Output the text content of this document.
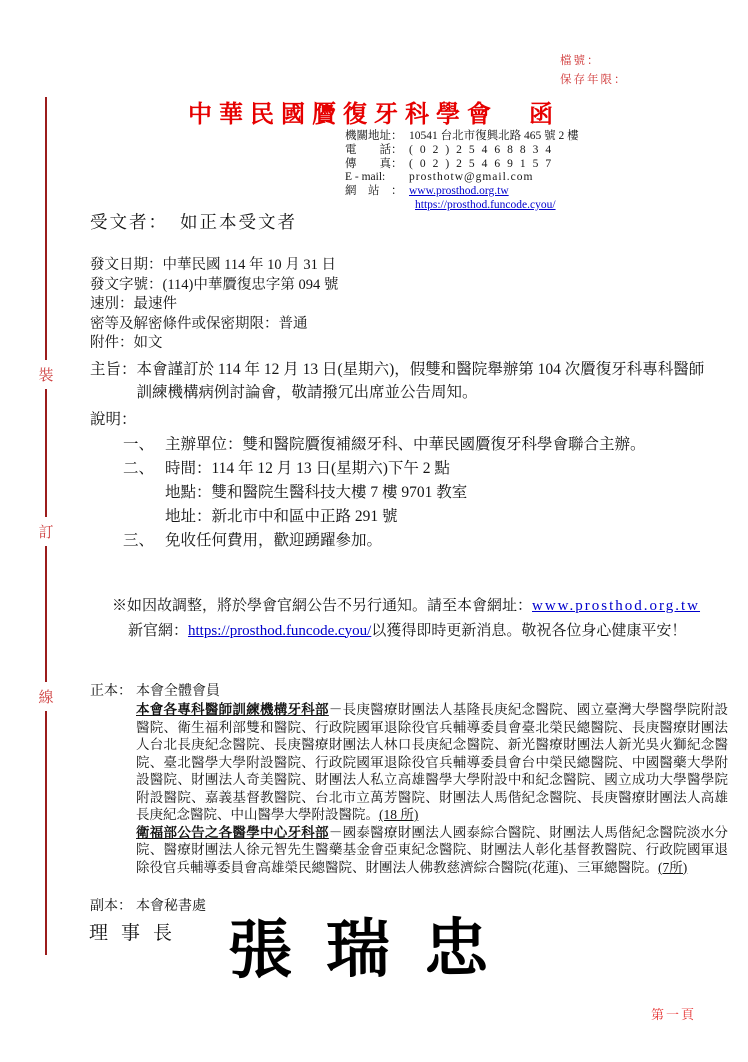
裝
訂
線
檔號：
保存年限：
中華民國贗復牙科學會　函
機關地址： 10541 台北市復興北路 465 號 2 樓
電　　話： (02)25468834
傳　　真： (02)25469157
E - mail:	prosthotw@gmail.com
網　站　： www.prosthod.org.tw
https://prosthod.funcode.cyou/
受文者： 如正本受文者
發文日期：中華民國 114 年 10 月 31 日
發文字號：(114)中華贗復忠字第 094 號
速別：最速件
密等及解密條件或保密期限：普通
附件：如文
主旨： 本會謹訂於 114 年 12 月 13 日(星期六)，假雙和醫院舉辦第 104 次贗復牙科專科醫師訓練機構病例討論會，敬請撥冗出席並公告周知。
說明：
一、 主辦單位：雙和醫院贗復補綴牙科、中華民國贗復牙科學會聯合主辦。
二、 時間：114 年 12 月 13 日(星期六)下午 2 點
地點：雙和醫院生醫科技大樓 7 樓 9701 教室
地址：新北市中和區中正路 291 號
三、 免收任何費用，歡迎踴躍參加。
※如因故調整，將於學會官網公告不另行通知。請至本會網址：www.prosthod.org.tw
新官網：https://prosthod.funcode.cyou/以獲得即時更新消息。敬祝各位身心健康平安！
正本： 本會全體會員

本會各專科醫師訓練機構牙科部－長庚醫療財團法人基隆長庚紀念醫院、國立臺灣大學醫學院附設醫院、衛生福利部雙和醫院、行政院國軍退除役官兵輔導委員會臺北榮民總醫院、長庚醫療財團法人台北長庚紀念醫院、長庚醫療財團法人林口長庚紀念醫院、新光醫療財團法人新光吳火獅紀念醫院、臺北醫學大學附設醫院、行政院國軍退除役官兵輔導委員會台中榮民總醫院、中國醫藥大學附設醫院、財團法人奇美醫院、財團法人私立高雄醫學大學附設中和紀念醫院、國立成功大學醫學院附設醫院、嘉義基督教醫院、台北市立萬芳醫院、財團法人馬偕紀念醫院、長庚醫療財團法人高雄長庚紀念醫院、中山醫學大學附設醫院。(18 所)

衛福部公告之各醫學中心牙科部－國泰醫療財團法人國泰綜合醫院、財團法人馬偕紀念醫院淡水分院、醫療財團法人徐元智先生醫藥基金會亞東紀念醫院、財團法人彰化基督教醫院、行政院國軍退除役官兵輔導委員會高雄榮民總醫院、財團法人佛教慈濟綜合醫院(花蓮)、三軍總醫院。(7所)

副本： 本會秘書處
理事長 張瑞忠
第一頁
